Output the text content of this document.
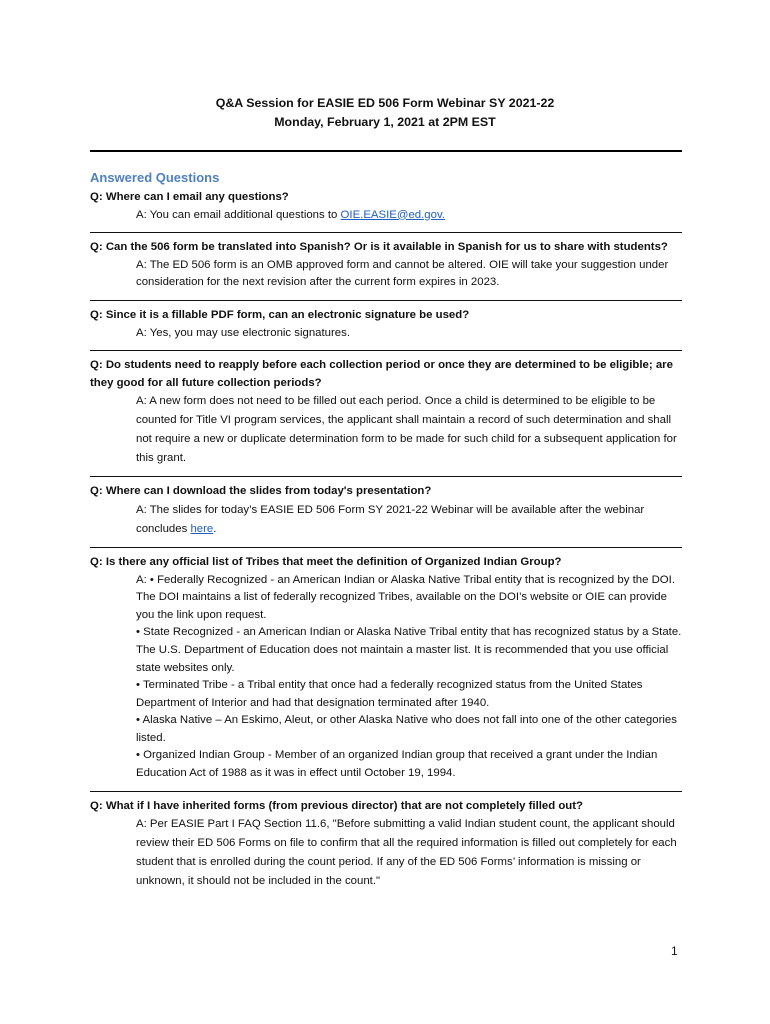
Q&A Session for EASIE ED 506 Form Webinar SY 2021-22
Monday, February 1, 2021 at 2PM EST
Answered Questions
Q: Where can I email any questions?
A: You can email additional questions to OIE.EASIE@ed.gov.
Q: Can the 506 form be translated into Spanish? Or is it available in Spanish for us to share with students?
A: The ED 506 form is an OMB approved form and cannot be altered. OIE will take your suggestion under consideration for the next revision after the current form expires in 2023.
Q: Since it is a fillable PDF form, can an electronic signature be used?
A: Yes, you may use electronic signatures.
Q: Do students need to reapply before each collection period or once they are determined to be eligible; are they good for all future collection periods?
A: A new form does not need to be filled out each period. Once a child is determined to be eligible to be counted for Title VI program services, the applicant shall maintain a record of such determination and shall not require a new or duplicate determination form to be made for such child for a subsequent application for this grant.
Q: Where can I download the slides from today's presentation?
A: The slides for today’s EASIE ED 506 Form SY 2021-22 Webinar will be available after the webinar concludes here.
Q: Is there any official list of Tribes that meet the definition of Organized Indian Group?

A: • Federally Recognized - an American Indian or Alaska Native Tribal entity that is recognized by the DOI. The DOI maintains a list of federally recognized Tribes, available on the DOI’s website or OIE can provide you the link upon request.

• State Recognized - an American Indian or Alaska Native Tribal entity that has recognized status by a State. The U.S. Department of Education does not maintain a master list. It is recommended that you use official state websites only.

• Terminated Tribe - a Tribal entity that once had a federally recognized status from the United States Department of Interior and had that designation terminated after 1940.

• Alaska Native – An Eskimo, Aleut, or other Alaska Native who does not fall into one of the other categories listed.

• Organized Indian Group - Member of an organized Indian group that received a grant under the Indian Education Act of 1988 as it was in effect until October 19, 1994.

Q: What if I have inherited forms (from previous director) that are not completely filled out?
A: Per EASIE Part I FAQ Section 11.6, "Before submitting a valid Indian student count, the applicant should review their ED 506 Forms on file to confirm that all the required information is filled out completely for each student that is enrolled during the count period. If any of the ED 506 Forms’ information is missing or unknown, it should not be included in the count."
1
